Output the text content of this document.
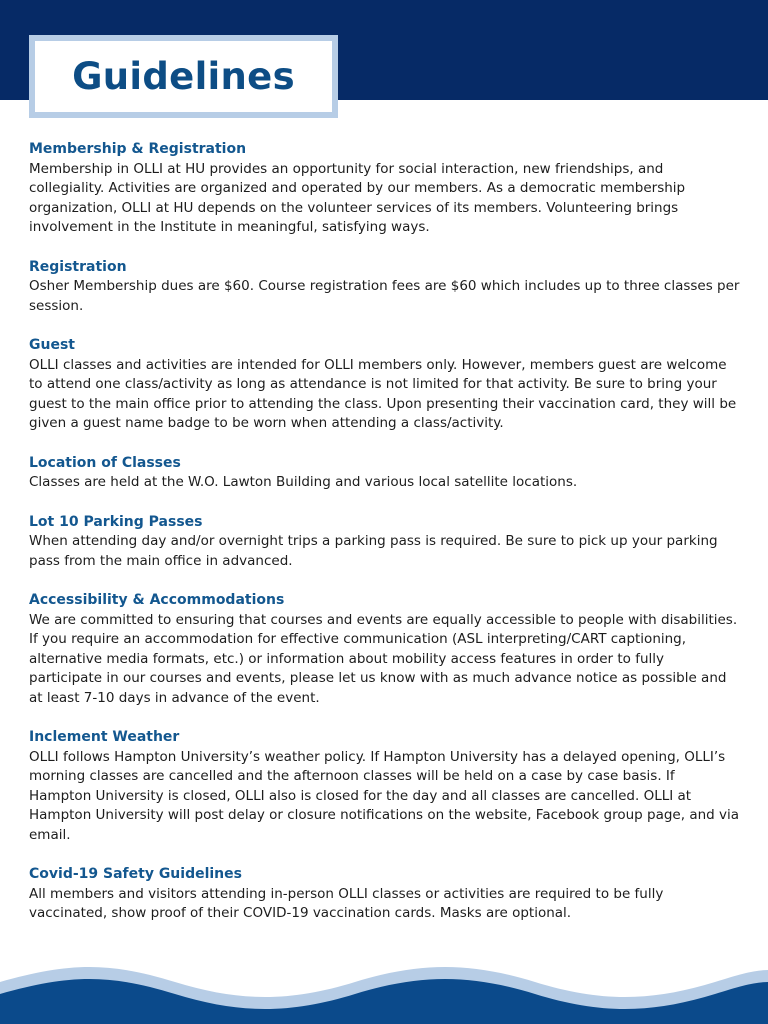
Guidelines
Membership & Registration
Membership in OLLI at HU provides an opportunity for social interaction, new friendships, and collegiality. Activities are organized and operated by our members. As a democratic membership organization, OLLI at HU depends on the volunteer services of its members. Volunteering brings involvement in the Institute in meaningful, satisfying ways.
Registration
Osher Membership dues are $60. Course registration fees are $60 which includes up to three classes per session.
Guest
OLLI classes and activities are intended for OLLI members only. However, members guest are welcome to attend one class/activity as long as attendance is not limited for that activity. Be sure to bring your guest to the main office prior to attending the class. Upon presenting their vaccination card, they will be given a guest name badge to be worn when attending a class/activity.
Location of Classes
Classes are held at the W.O. Lawton Building and various local satellite locations.
Lot 10 Parking Passes
When attending day and/or overnight trips a parking pass is required. Be sure to pick up your parking pass from the main office in advanced.
Accessibility & Accommodations
We are committed to ensuring that courses and events are equally accessible to people with disabilities. If you require an accommodation for effective communication (ASL interpreting/CART captioning, alternative media formats, etc.) or information about mobility access features in order to fully participate in our courses and events, please let us know with as much advance notice as possible and at least 7-10 days in advance of the event.
Inclement Weather
OLLI follows Hampton University’s weather policy. If Hampton University has a delayed opening, OLLI’s morning classes are cancelled and the afternoon classes will be held on a case by case basis. If Hampton University is closed, OLLI also is closed for the day and all classes are cancelled. OLLI at Hampton University will post delay or closure notifications on the website, Facebook group page, and via email.
Covid-19 Safety Guidelines
All members and visitors attending in-person OLLI classes or activities are required to be fully vaccinated, show proof of their COVID-19 vaccination cards. Masks are optional.
